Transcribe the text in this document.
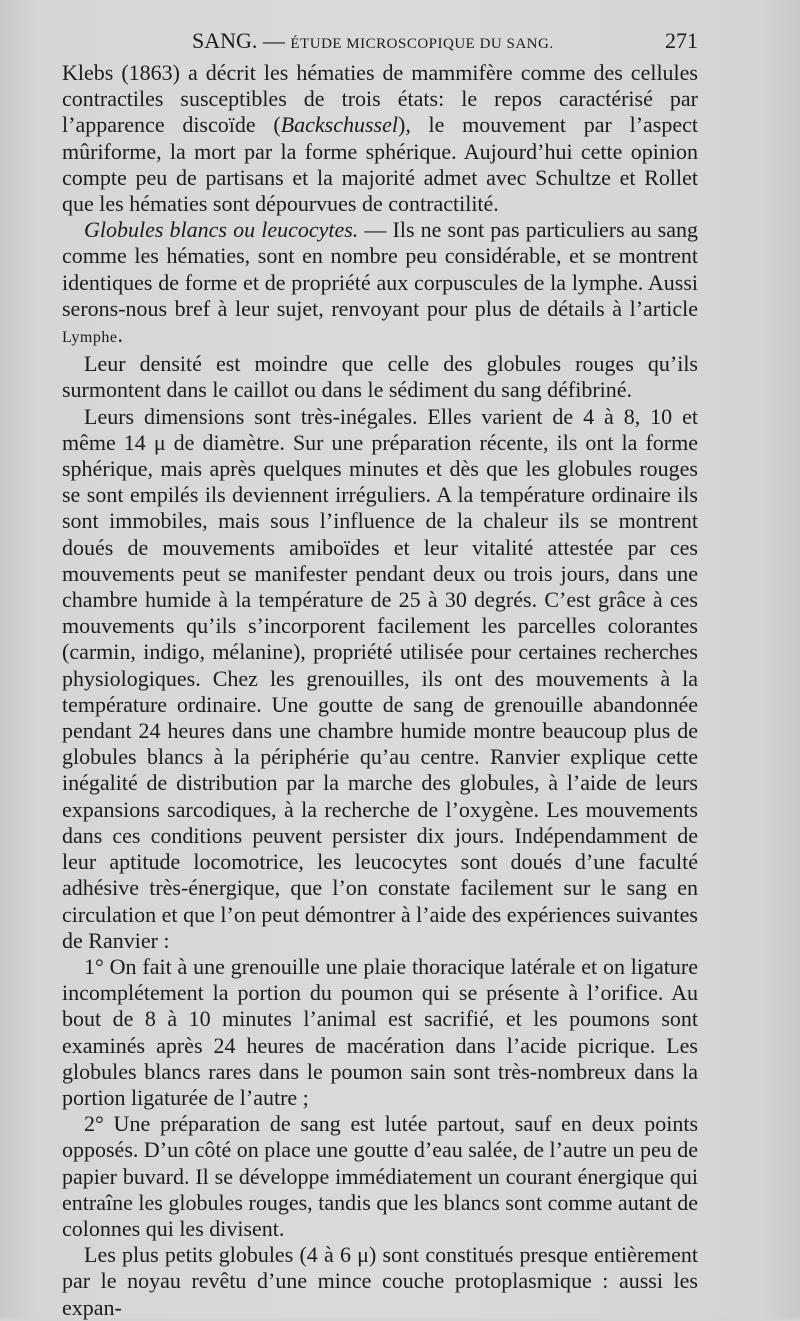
SANG. — ÉTUDE MICROSCOPIQUE DU SANG.	271

Klebs (1863) a décrit les hématies de mammifère comme des cellules contractiles susceptibles de trois états: le repos caractérisé par l’apparence discoïde (Backschussel), le mouvement par l’aspect mûriforme, la mort par la forme sphérique. Aujourd’hui cette opinion compte peu de partisans et la majorité admet avec Schultze et Rollet que les hématies sont dépourvues de contractilité.

Globules blancs ou leucocytes. — Ils ne sont pas particuliers au sang comme les hématies, sont en nombre peu considérable, et se montrent identiques de forme et de propriété aux corpuscules de la lymphe. Aussi serons-nous bref à leur sujet, renvoyant pour plus de détails à l’article Lymphe.

Leur densité est moindre que celle des globules rouges qu’ils surmontent dans le caillot ou dans le sédiment du sang défibriné.

Leurs dimensions sont très-inégales. Elles varient de 4 à 8, 10 et même 14 μ de diamètre. Sur une préparation récente, ils ont la forme sphérique, mais après quelques minutes et dès que les globules rouges se sont empilés ils deviennent irréguliers. A la température ordinaire ils sont immobiles, mais sous l’influence de la chaleur ils se montrent doués de mouvements amiboïdes et leur vitalité attestée par ces mouvements peut se manifester pendant deux ou trois jours, dans une chambre humide à la température de 25 à 30 degrés. C’est grâce à ces mouvements qu’ils s’incorporent facilement les parcelles colorantes (carmin, indigo, mélanine), propriété utilisée pour certaines recherches physiologiques. Chez les grenouilles, ils ont des mouvements à la température ordinaire. Une goutte de sang de grenouille abandonnée pendant 24 heures dans une chambre humide montre beaucoup plus de globules blancs à la périphérie qu’au centre. Ranvier explique cette inégalité de distribution par la marche des globules, à l’aide de leurs expansions sarcodiques, à la recherche de l’oxygène. Les mouvements dans ces conditions peuvent persister dix jours. Indépendamment de leur aptitude locomotrice, les leucocytes sont doués d’une faculté adhésive très-énergique, que l’on constate facilement sur le sang en circulation et que l’on peut démontrer à l’aide des expériences suivantes de Ranvier :

1° On fait à une grenouille une plaie thoracique latérale et on ligature incomplétement la portion du poumon qui se présente à l’orifice. Au bout de 8 à 10 minutes l’animal est sacrifié, et les poumons sont examinés après 24 heures de macération dans l’acide picrique. Les globules blancs rares dans le poumon sain sont très-nombreux dans la portion ligaturée de l’autre ;

2° Une préparation de sang est lutée partout, sauf en deux points opposés. D’un côté on place une goutte d’eau salée, de l’autre un peu de papier buvard. Il se développe immédiatement un courant énergique qui entraîne les globules rouges, tandis que les blancs sont comme autant de colonnes qui les divisent.

Les plus petits globules (4 à 6 μ) sont constitués presque entièrement par le noyau revêtu d’une mince couche protoplasmique : aussi les expan-
